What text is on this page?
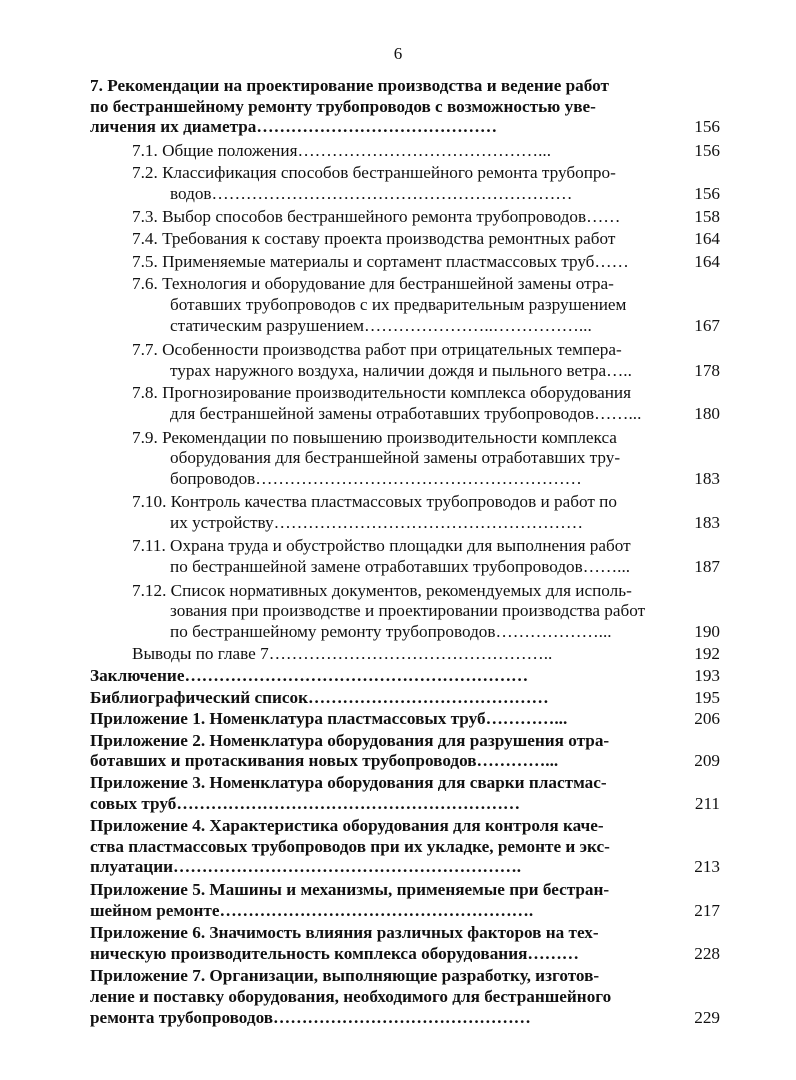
6
7. Рекомендации на проектирование производства и ведение работ
по бестраншейному ремонту трубопроводов с возможностью уве-
личения их диаметра……………………………………	156
7.1. Общие положения……………………………………...	156
7.2. Классификация способов бестраншейного ремонта трубопро-
водов………………………………………………………	156
7.3. Выбор способов бестраншейного ремонта трубопроводов……	158
7.4. Требования к составу проекта производства ремонтных работ	164
7.5. Применяемые материалы и сортамент пластмассовых труб……	164
7.6. Технология и оборудование для бестраншейной замены отра-
ботавших трубопроводов с их предварительным разрушением
статическим разрушением…………………..……………...	167
7.7. Особенности производства работ при отрицательных темпера-
турах наружного воздуха, наличии дождя и пыльного ветра…..	178
7.8. Прогнозирование производительности комплекса оборудования
для бестраншейной замены отработавших трубопроводов……...	180
7.9. Рекомендации по повышению производительности комплекса
оборудования для бестраншейной замены отработавших тру-
бопроводов…………………………………………………	183
7.10. Контроль качества пластмассовых трубопроводов и работ по
их устройству………………………………………………	183
7.11. Охрана труда и обустройство площадки для выполнения работ
по бестраншейной замене отработавших трубопроводов……...	187
7.12. Список нормативных документов, рекомендуемых для исполь-
зования при производстве и проектировании производства работ
по бестраншейному ремонту трубопроводов………………...	190
Выводы по главе 7…………………………………………..	192
Заключение……………………………………………………	193
Библиографический список……………………………………	195
Приложение 1. Номенклатура пластмассовых труб…………...	206
Приложение 2. Номенклатура оборудования для разрушения отра-
ботавших и протаскивания новых трубопроводов…………...	209
Приложение 3. Номенклатура оборудования для сварки пластмас-
совых труб……………………………………………………	211
Приложение 4. Характеристика оборудования для контроля каче-
ства пластмассовых трубопроводов при их укладке, ремонте и экс-
плуатации…………………………………………………….	213
Приложение 5. Машины и механизмы, применяемые при бестран-
шейном ремонте……………………………………………….	217
Приложение 6. Значимость влияния различных факторов на тех-
ническую производительность комплекса оборудования………	228
Приложение 7. Организации, выполняющие разработку, изготов-
ление и поставку оборудования, необходимого для бестраншейного
ремонта трубопроводов………………………………………	229
